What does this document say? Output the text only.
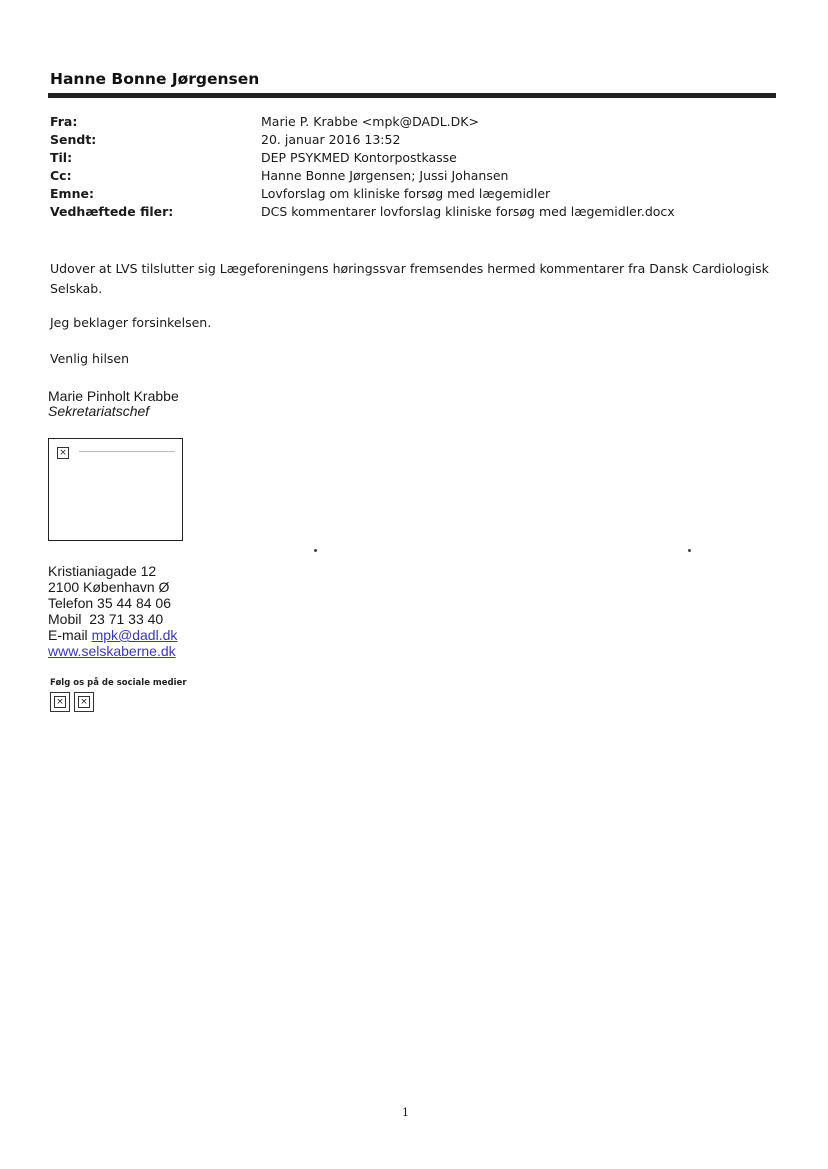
Hanne Bonne Jørgensen
Fra:	Marie P. Krabbe <mpk@DADL.DK>
Sendt:	20. januar 2016 13:52
Til:	DEP PSYKMED Kontorpostkasse
Cc:	Hanne Bonne Jørgensen; Jussi Johansen
Emne:	Lovforslag om kliniske forsøg med lægemidler
Vedhæftede filer:	DCS kommentarer lovforslag kliniske forsøg med lægemidler.docx
Udover at LVS tilslutter sig Lægeforeningens høringssvar fremsendes hermed kommentarer fra Dansk Cardiologisk
Selskab.
Jeg beklager forsinkelsen.
Venlig hilsen
Marie Pinholt Krabbe
Sekretariatschef
×
Kristianiagade 12
2100 København Ø
Telefon 35 44 84 06
Mobil  23 71 33 40
E-mail mpk@dadl.dk
www.selskaberne.dk
Følg os på de sociale medier
× ×
1
